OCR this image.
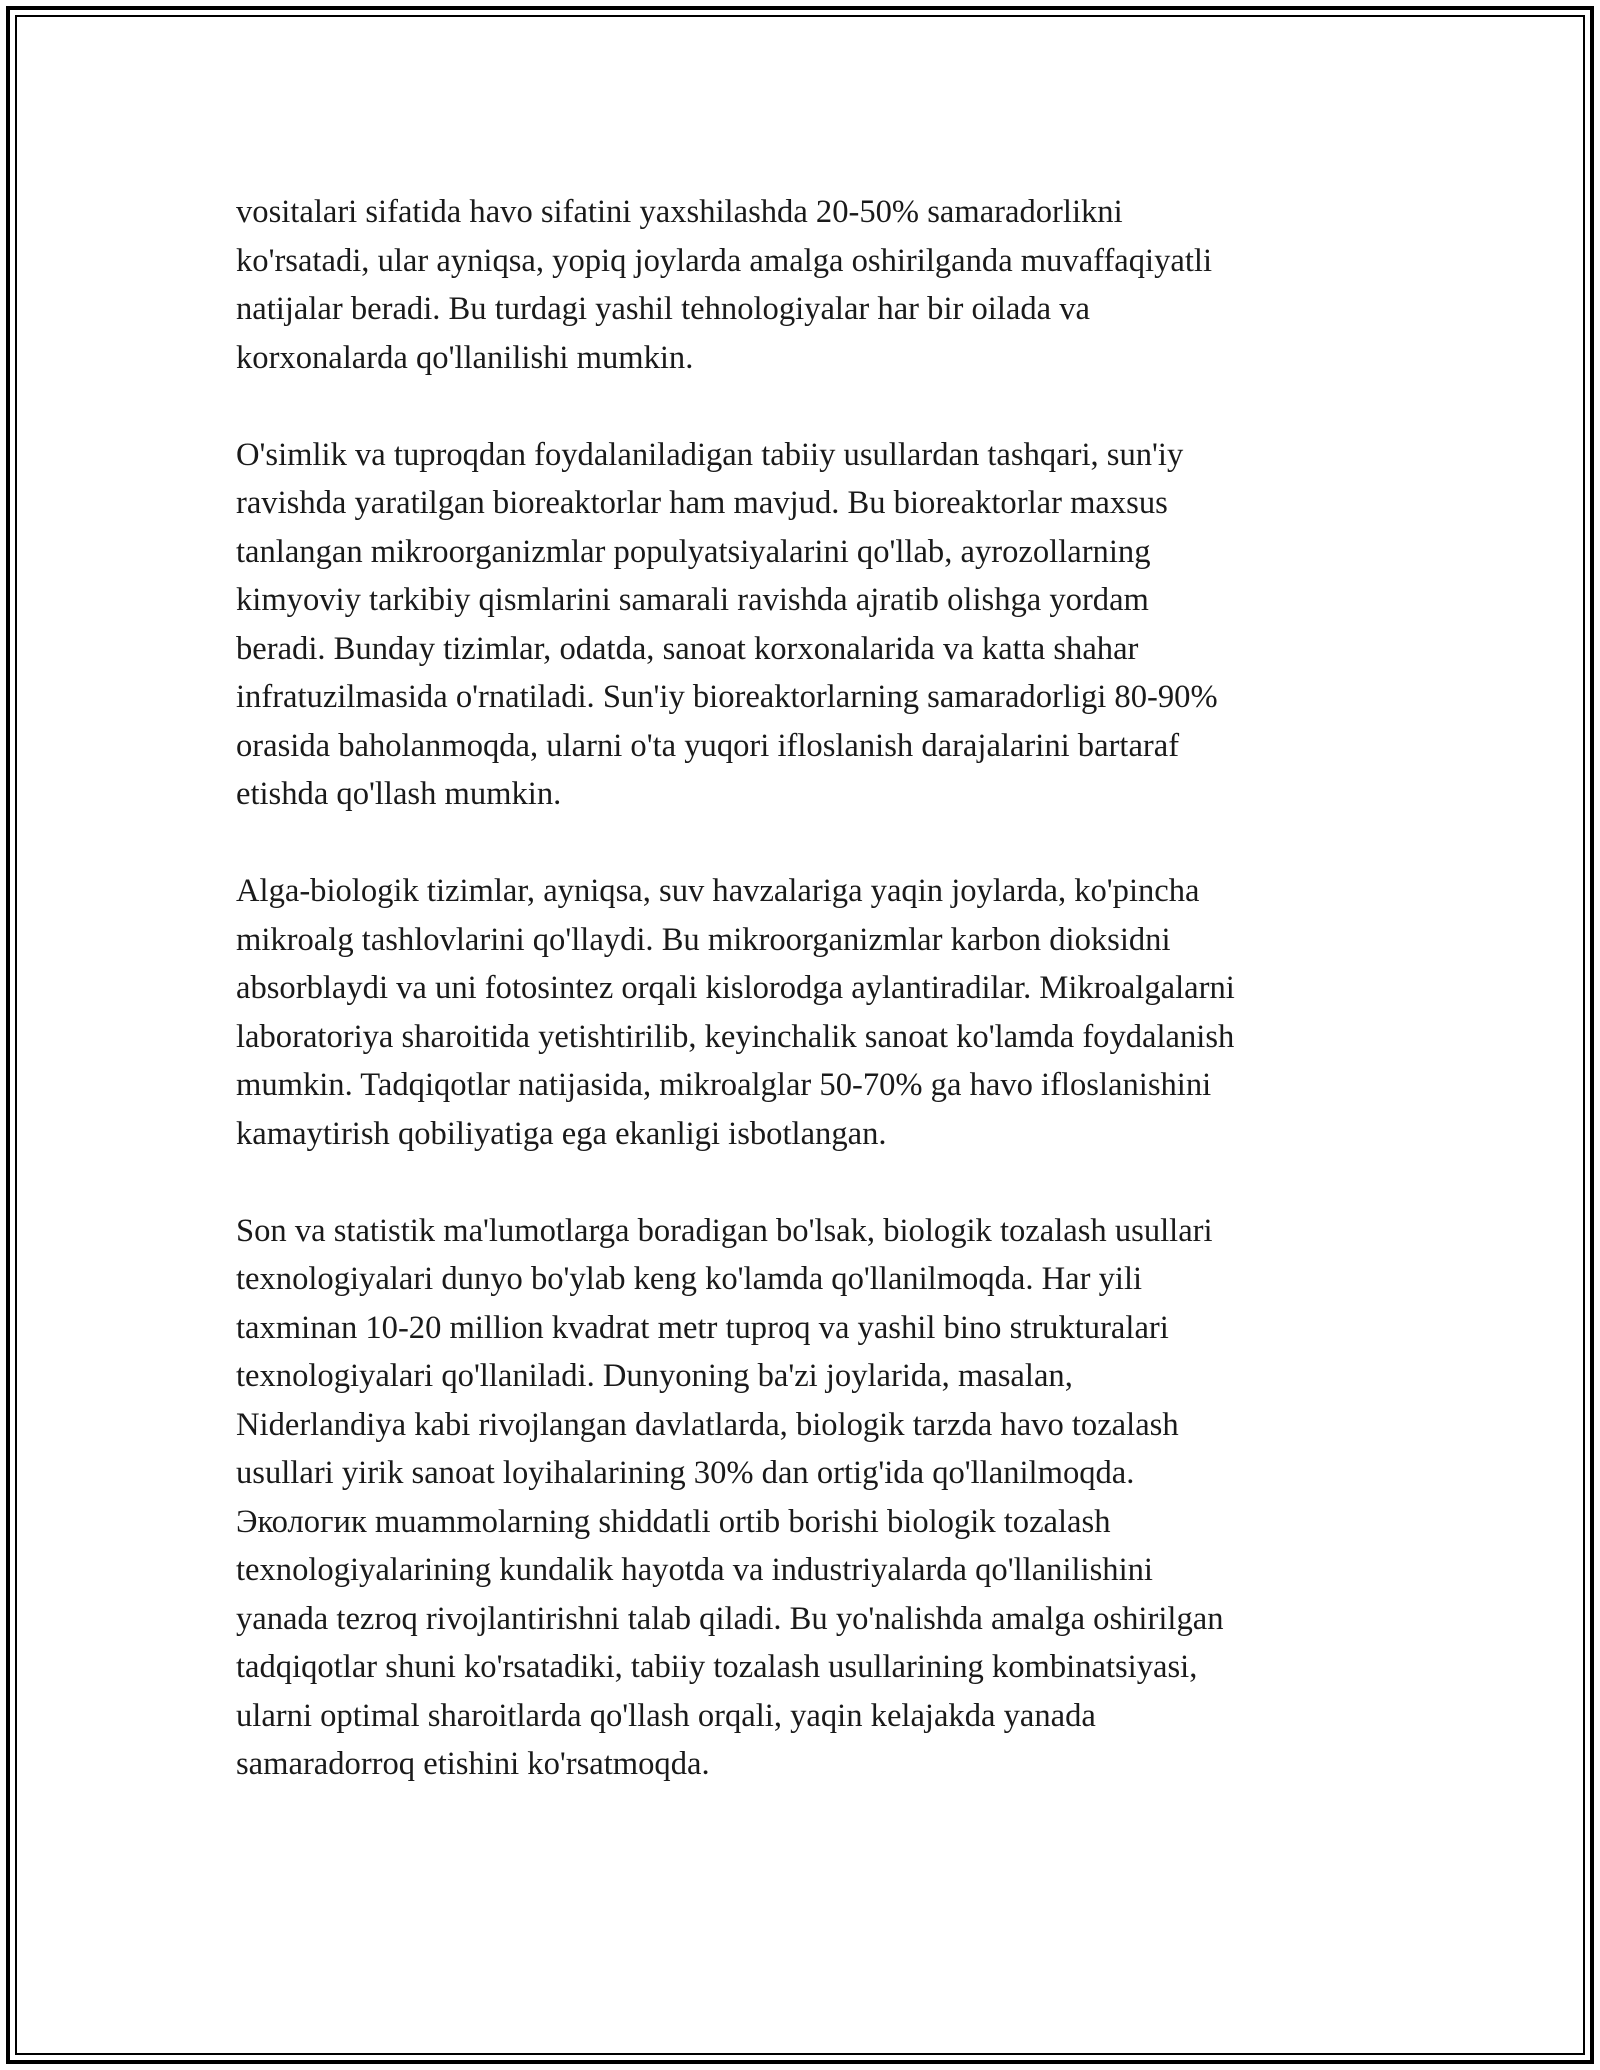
vositalari sifatida havo sifatini yaxshilashda 20-50% samaradorlikni
ko'rsatadi, ular ayniqsa, yopiq joylarda amalga oshirilganda muvaffaqiyatli
natijalar beradi. Bu turdagi yashil tehnologiyalar har bir oilada va
korxonalarda qo'llanilishi mumkin.

O'simlik va tuproqdan foydalaniladigan tabiiy usullardan tashqari, sun'iy
ravishda yaratilgan bioreaktorlar ham mavjud. Bu bioreaktorlar maxsus
tanlangan mikroorganizmlar populyatsiyalarini qo'llab, ayrozollarning
kimyoviy tarkibiy qismlarini samarali ravishda ajratib olishga yordam
beradi. Bunday tizimlar, odatda, sanoat korxonalarida va katta shahar
infratuzilmasida o'rnatiladi. Sun'iy bioreaktorlarning samaradorligi 80-90%
orasida baholanmoqda, ularni o'ta yuqori ifloslanish darajalarini bartaraf
etishda qo'llash mumkin.

Alga-biologik tizimlar, ayniqsa, suv havzalariga yaqin joylarda, ko'pincha
mikroalg tashlovlarini qo'llaydi. Bu mikroorganizmlar karbon dioksidni
absorblaydi va uni fotosintez orqali kislorodga aylantiradilar. Mikroalgalarni
laboratoriya sharoitida yetishtirilib, keyinchalik sanoat ko'lamda foydalanish
mumkin. Tadqiqotlar natijasida, mikroalglar 50-70% ga havo ifloslanishini
kamaytirish qobiliyatiga ega ekanligi isbotlangan.

Son va statistik ma'lumotlarga boradigan bo'lsak, biologik tozalash usullari
texnologiyalari dunyo bo'ylab keng ko'lamda qo'llanilmoqda. Har yili
taxminan 10-20 million kvadrat metr tuproq va yashil bino strukturalari
texnologiyalari qo'llaniladi. Dunyoning ba'zi joylarida, masalan,
Niderlandiya kabi rivojlangan davlatlarda, biologik tarzda havo tozalash
usullari yirik sanoat loyihalarining 30% dan ortig'ida qo'llanilmoqda.
Экологик muammolarning shiddatli ortib borishi biologik tozalash
texnologiyalarining kundalik hayotda va industriyalarda qo'llanilishini
yanada tezroq rivojlantirishni talab qiladi. Bu yo'nalishda amalga oshirilgan
tadqiqotlar shuni ko'rsatadiki, tabiiy tozalash usullarining kombinatsiyasi,
ularni optimal sharoitlarda qo'llash orqali, yaqin kelajakda yanada
samaradorroq etishini ko'rsatmoqda.
